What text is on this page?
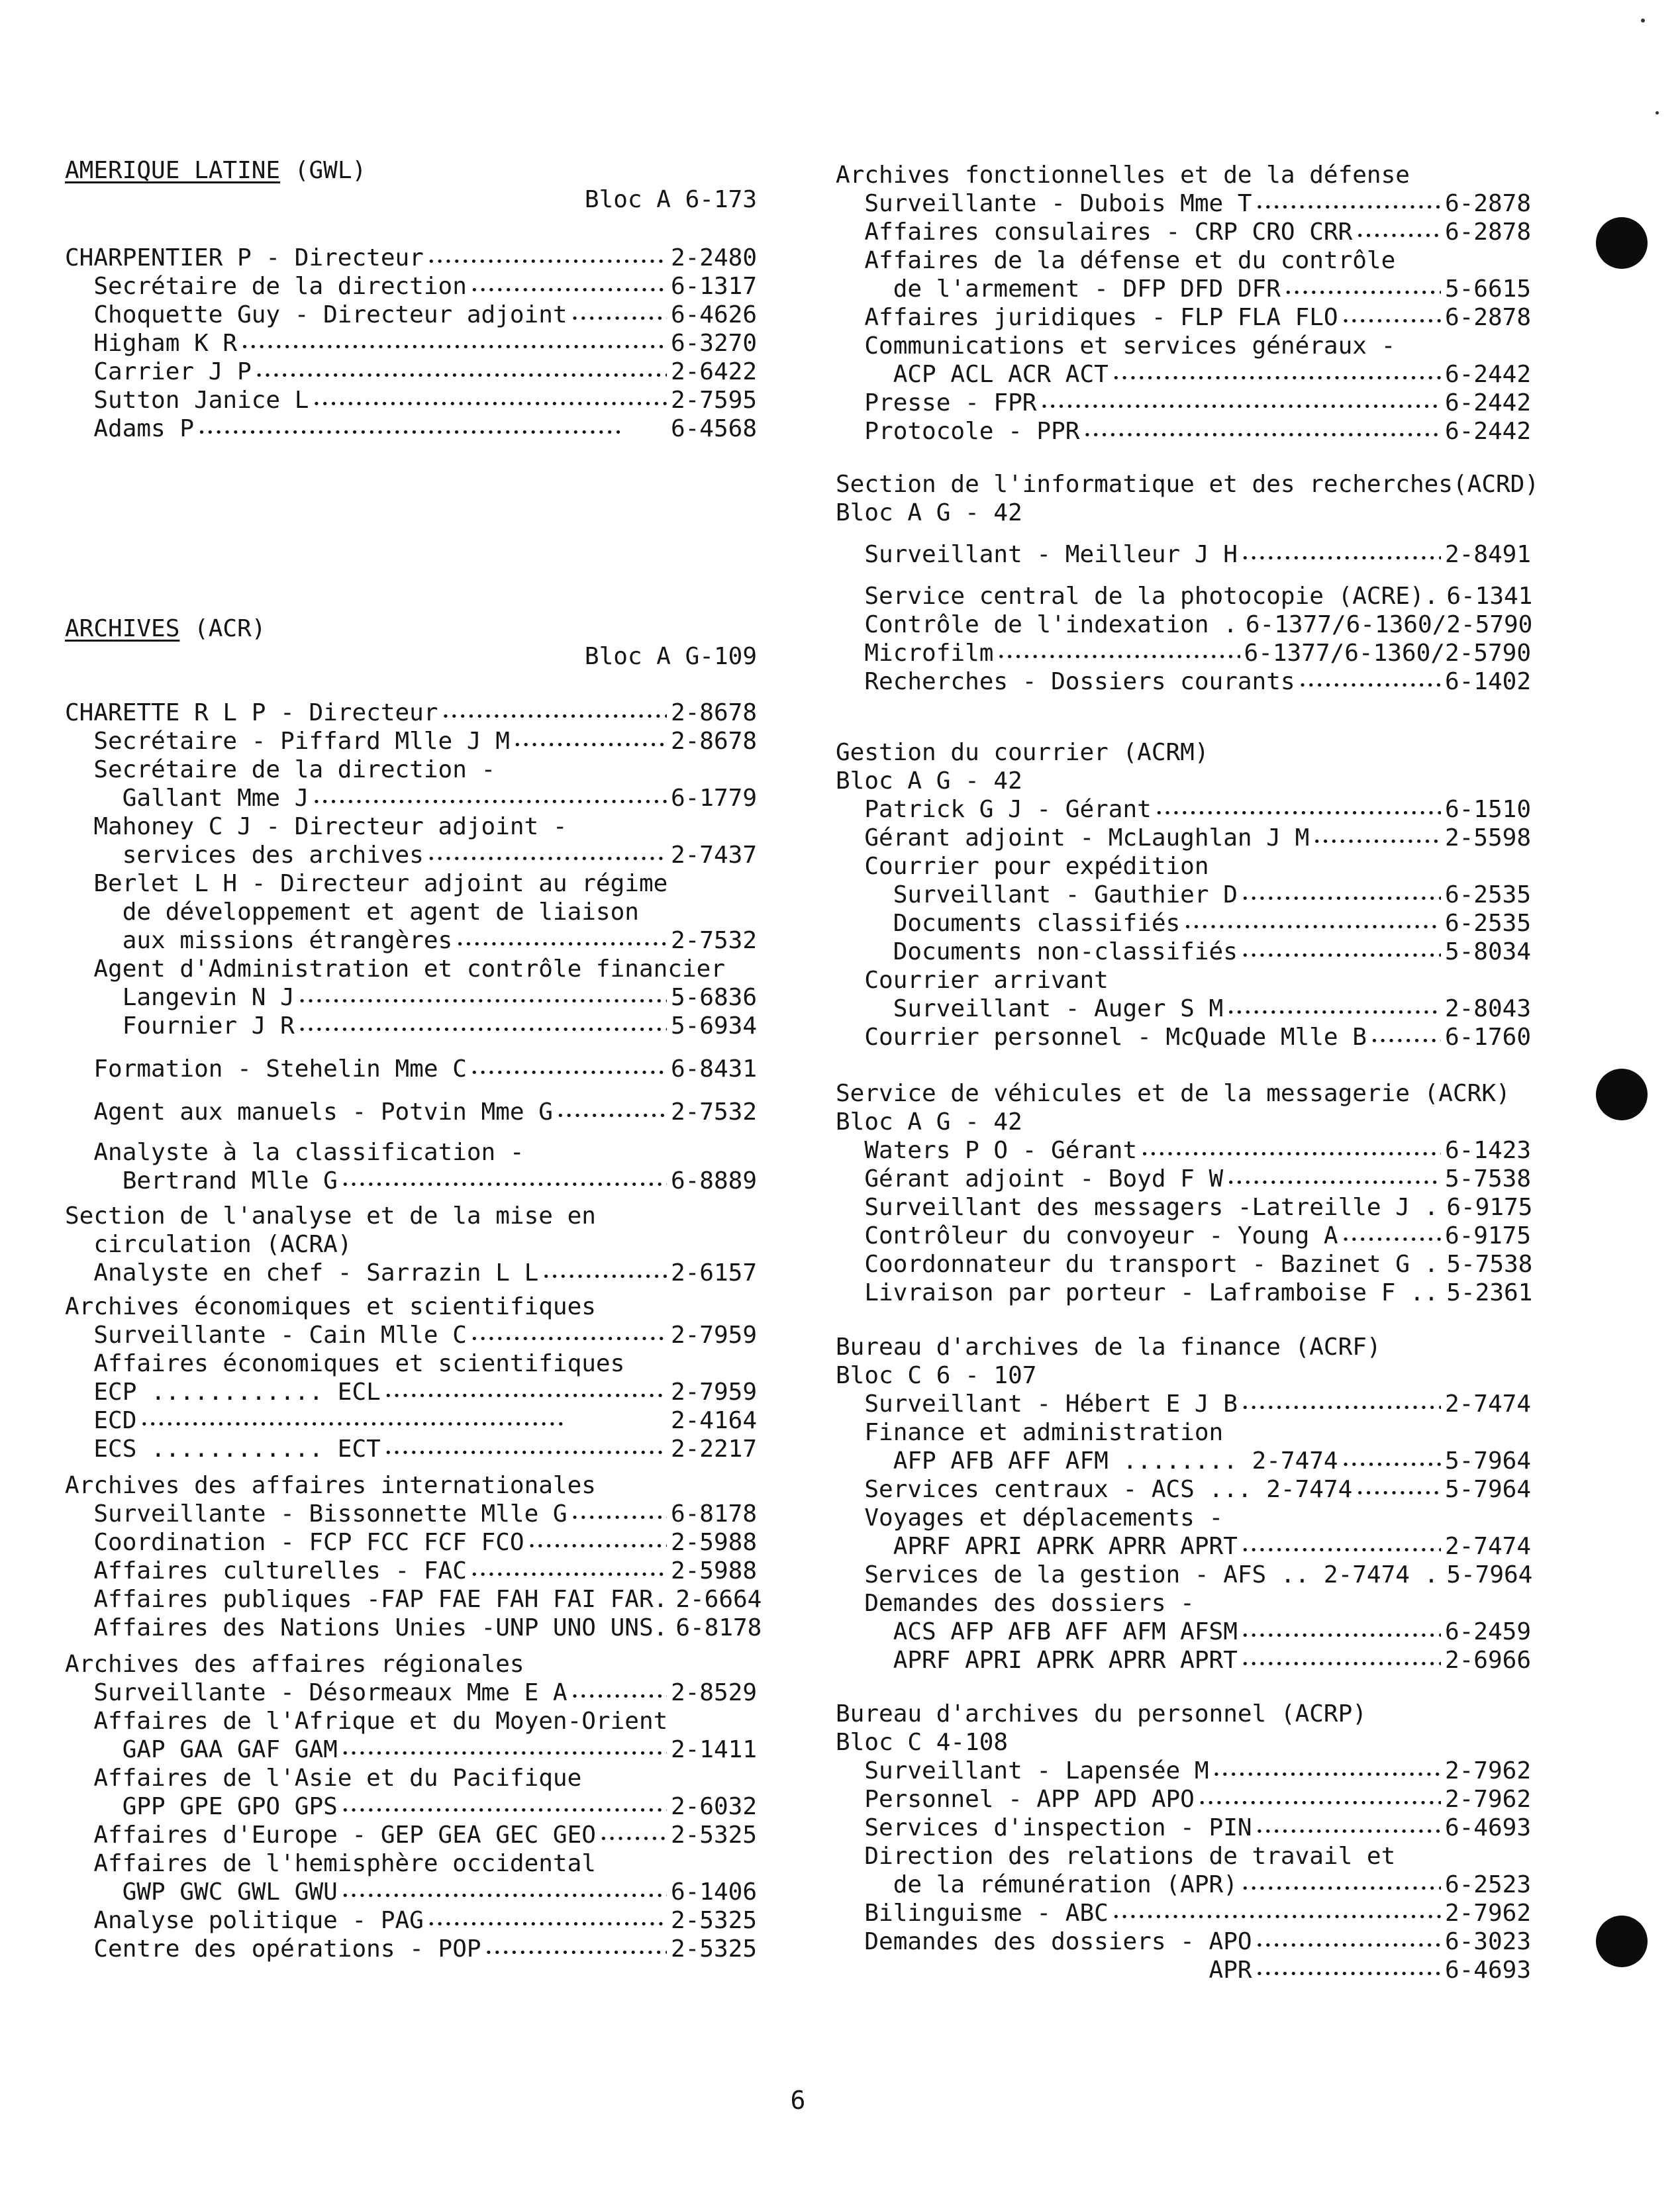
AMERIQUE LATINE (GWL)
Bloc A 6-173
CHARPENTIER P - Directeur •••••	2-2480
Secrétaire de la direction •••••	6-1317
Choquette Guy - Directeur adjoint •••••	6-4626
Higham K R •••••	6-3270
Carrier J P •••••	2-6422
Sutton Janice L •••••	2-7595
Adams P •••••	6-4568
ARCHIVES (ACR)
Bloc A G-109
CHARETTE R L P - Directeur •••••	2-8678
Secrétaire - Piffard Mlle J M •••••	2-8678
Secrétaire de la direction -
Gallant Mme J •••••	6-1779
Mahoney C J - Directeur adjoint -
services des archives •••••	2-7437
Berlet L H - Directeur adjoint au régime
de développement et agent de liaison
aux missions étrangères •••••	2-7532
Agent d'Administration et contrôle financier
Langevin N J •••••	5-6836
Fournier J R •••••	5-6934
Formation - Stehelin Mme C •••••	6-8431
Agent aux manuels - Potvin Mme G •••••	2-7532
Analyste à la classification -
Bertrand Mlle G •••••	6-8889
Section de l'analyse et de la mise en
circulation (ACRA)
Analyste en chef - Sarrazin L L •••••	2-6157
Archives économiques et scientifiques
Surveillante - Cain Mlle C •••••	2-7959
Affaires économiques et scientifiques
ECP ............ ECL •••••	2-7959
ECD •••••	2-4164
ECS ............ ECT •••••	2-2217
Archives des affaires internationales
Surveillante - Bissonnette Mlle G •••••	6-8178
Coordination - FCP FCC FCF FCO •••••	2-5988
Affaires culturelles - FAC •••••	2-5988
Affaires publiques -FAP FAE FAH FAI FAR. 2-6664
Affaires des Nations Unies -UNP UNO UNS. 6-8178
Archives des affaires régionales
Surveillante - Désormeaux Mme E A •••••	2-8529
Affaires de l'Afrique et du Moyen-Orient
GAP GAA GAF GAM •••••	2-1411
Affaires de l'Asie et du Pacifique
GPP GPE GPO GPS •••••	2-6032
Affaires d'Europe - GEP GEA GEC GEO •••••	2-5325
Affaires de l'hemisphère occidental
GWP GWC GWL GWU •••••	6-1406
Analyse politique - PAG •••••	2-5325
Centre des opérations - POP •••••	2-5325
Archives fonctionnelles et de la défense
Surveillante - Dubois Mme T •••••	6-2878
Affaires consulaires - CRP CRO CRR •••••	6-2878
Affaires de la défense et du contrôle
de l'armement - DFP DFD DFR •••••	5-6615
Affaires juridiques - FLP FLA FLO •••••	6-2878
Communications et services généraux -
ACP ACL ACR ACT •••••	6-2442
Presse - FPR •••••	6-2442
Protocole - PPR •••••	6-2442
Section de l'informatique et des recherches(ACRD)
Bloc A G - 42
Surveillant - Meilleur J H •••••	2-8491
Service central de la photocopie (ACRE). 6-1341
Contrôle de l'indexation . 6-1377/6-1360/2-5790
Microfilm •••••	6-1377/6-1360/2-5790
Recherches - Dossiers courants •••••	6-1402
Gestion du courrier (ACRM)
Bloc A G - 42
Patrick G J - Gérant •••••	6-1510
Gérant adjoint - McLaughlan J M •••••	2-5598
Courrier pour expédition
Surveillant - Gauthier D •••••	6-2535
Documents classifiés •••••	6-2535
Documents non-classifiés •••••	5-8034
Courrier arrivant
Surveillant - Auger S M •••••	2-8043
Courrier personnel - McQuade Mlle B •••••	6-1760
Service de véhicules et de la messagerie (ACRK)
Bloc A G - 42
Waters P O - Gérant •••••	6-1423
Gérant adjoint - Boyd F W •••••	5-7538
Surveillant des messagers -Latreille J . 6-9175
Contrôleur du convoyeur - Young A •••••	6-9175
Coordonnateur du transport - Bazinet G . 5-7538
Livraison par porteur - Laframboise F .. 5-2361
Bureau d'archives de la finance (ACRF)
Bloc C 6 - 107
Surveillant - Hébert E J B •••••	2-7474
Finance et administration
AFP AFB AFF AFM ........ 2-7474 •••••	5-7964
Services centraux - ACS ... 2-7474 •••••	5-7964
Voyages et déplacements -
APRF APRI APRK APRR APRT •••••	2-7474
Services de la gestion - AFS .. 2-7474 . 5-7964
Demandes des dossiers -
ACS AFP AFB AFF AFM AFSM •••••	6-2459
APRF APRI APRK APRR APRT •••••	2-6966
Bureau d'archives du personnel (ACRP)
Bloc C 4-108
Surveillant - Lapensée M •••••	2-7962
Personnel - APP APD APO •••••	2-7962
Services d'inspection - PIN •••••	6-4693
Direction des relations de travail et
de la rémunération (APR) •••••	6-2523
Bilinguisme - ABC •••••	2-7962
Demandes des dossiers - APO •••••	6-3023
APR •••••	6-4693
6
